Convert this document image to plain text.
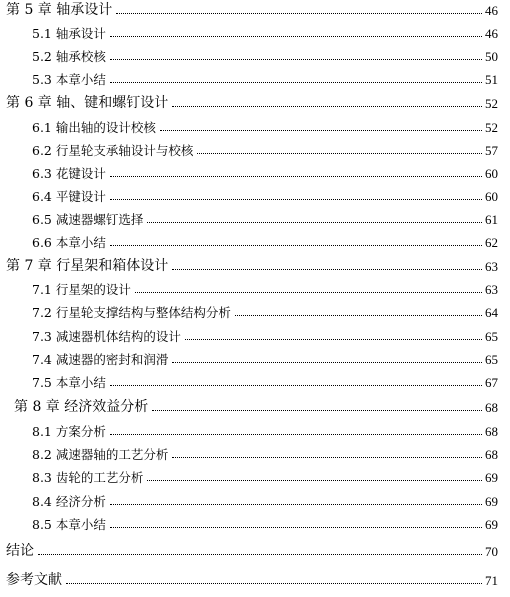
第 5 章 轴承设计	46
5.1 轴承设计	46
5.2 轴承校核	50
5.3 本章小结	51
第 6 章 轴、键和螺钉设计	52
6.1 输出轴的设计校核	52
6.2 行星轮支承轴设计与校核	57
6.3 花键设计	60
6.4 平键设计	60
6.5 减速器螺钉选择	61
6.6 本章小结	62
第 7 章 行星架和箱体设计	63
7.1 行星架的设计	63
7.2 行星轮支撑结构与整体结构分析	64
7.3 减速器机体结构的设计	65
7.4 减速器的密封和润滑	65
7.5 本章小结	67
第 8 章 经济效益分析	68
8.1 方案分析	68
8.2 减速器轴的工艺分析	68
8.3 齿轮的工艺分析	69
8.4 经济分析	69
8.5 本章小结	69
结论	70
参考文献	71
